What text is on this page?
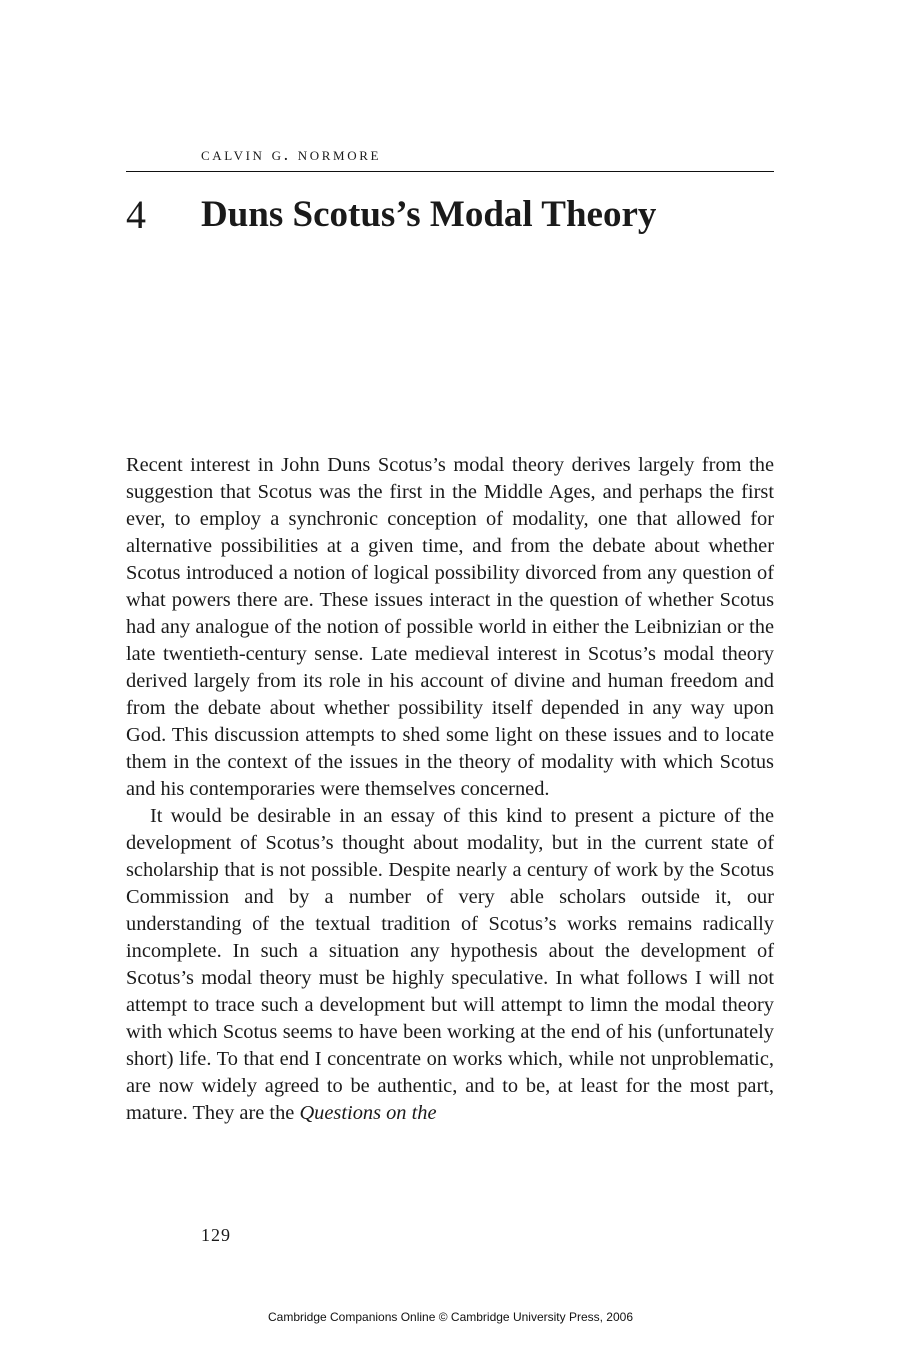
calvin g. normore
4 Duns Scotus’s Modal Theory

Recent interest in John Duns Scotus’s modal theory derives largely from the suggestion that Scotus was the first in the Middle Ages, and perhaps the first ever, to employ a synchronic conception of modality, one that allowed for alternative possibilities at a given time, and from the debate about whether Scotus introduced a notion of logical possibility divorced from any question of what powers there are. These issues interact in the question of whether Scotus had any analogue of the notion of possible world in either the Leibnizian or the late twentieth-century sense. Late medieval interest in Scotus’s modal theory derived largely from its role in his account of divine and human freedom and from the debate about whether possibility itself depended in any way upon God. This discussion attempts to shed some light on these issues and to locate them in the context of the issues in the theory of modality with which Scotus and his contemporaries were themselves concerned.

It would be desirable in an essay of this kind to present a picture of the development of Scotus’s thought about modality, but in the current state of scholarship that is not possible. Despite nearly a century of work by the Scotus Commission and by a number of very able scholars outside it, our understanding of the textual tradition of Scotus’s works remains radically incomplete. In such a situation any hypothesis about the development of Scotus’s modal theory must be highly speculative. In what follows I will not attempt to trace such a development but will attempt to limn the modal theory with which Scotus seems to have been working at the end of his (unfortunately short) life. To that end I concentrate on works which, while not unproblematic, are now widely agreed to be authentic, and to be, at least for the most part, mature. They are the Questions on the

129
Cambridge Companions Online © Cambridge University Press, 2006
